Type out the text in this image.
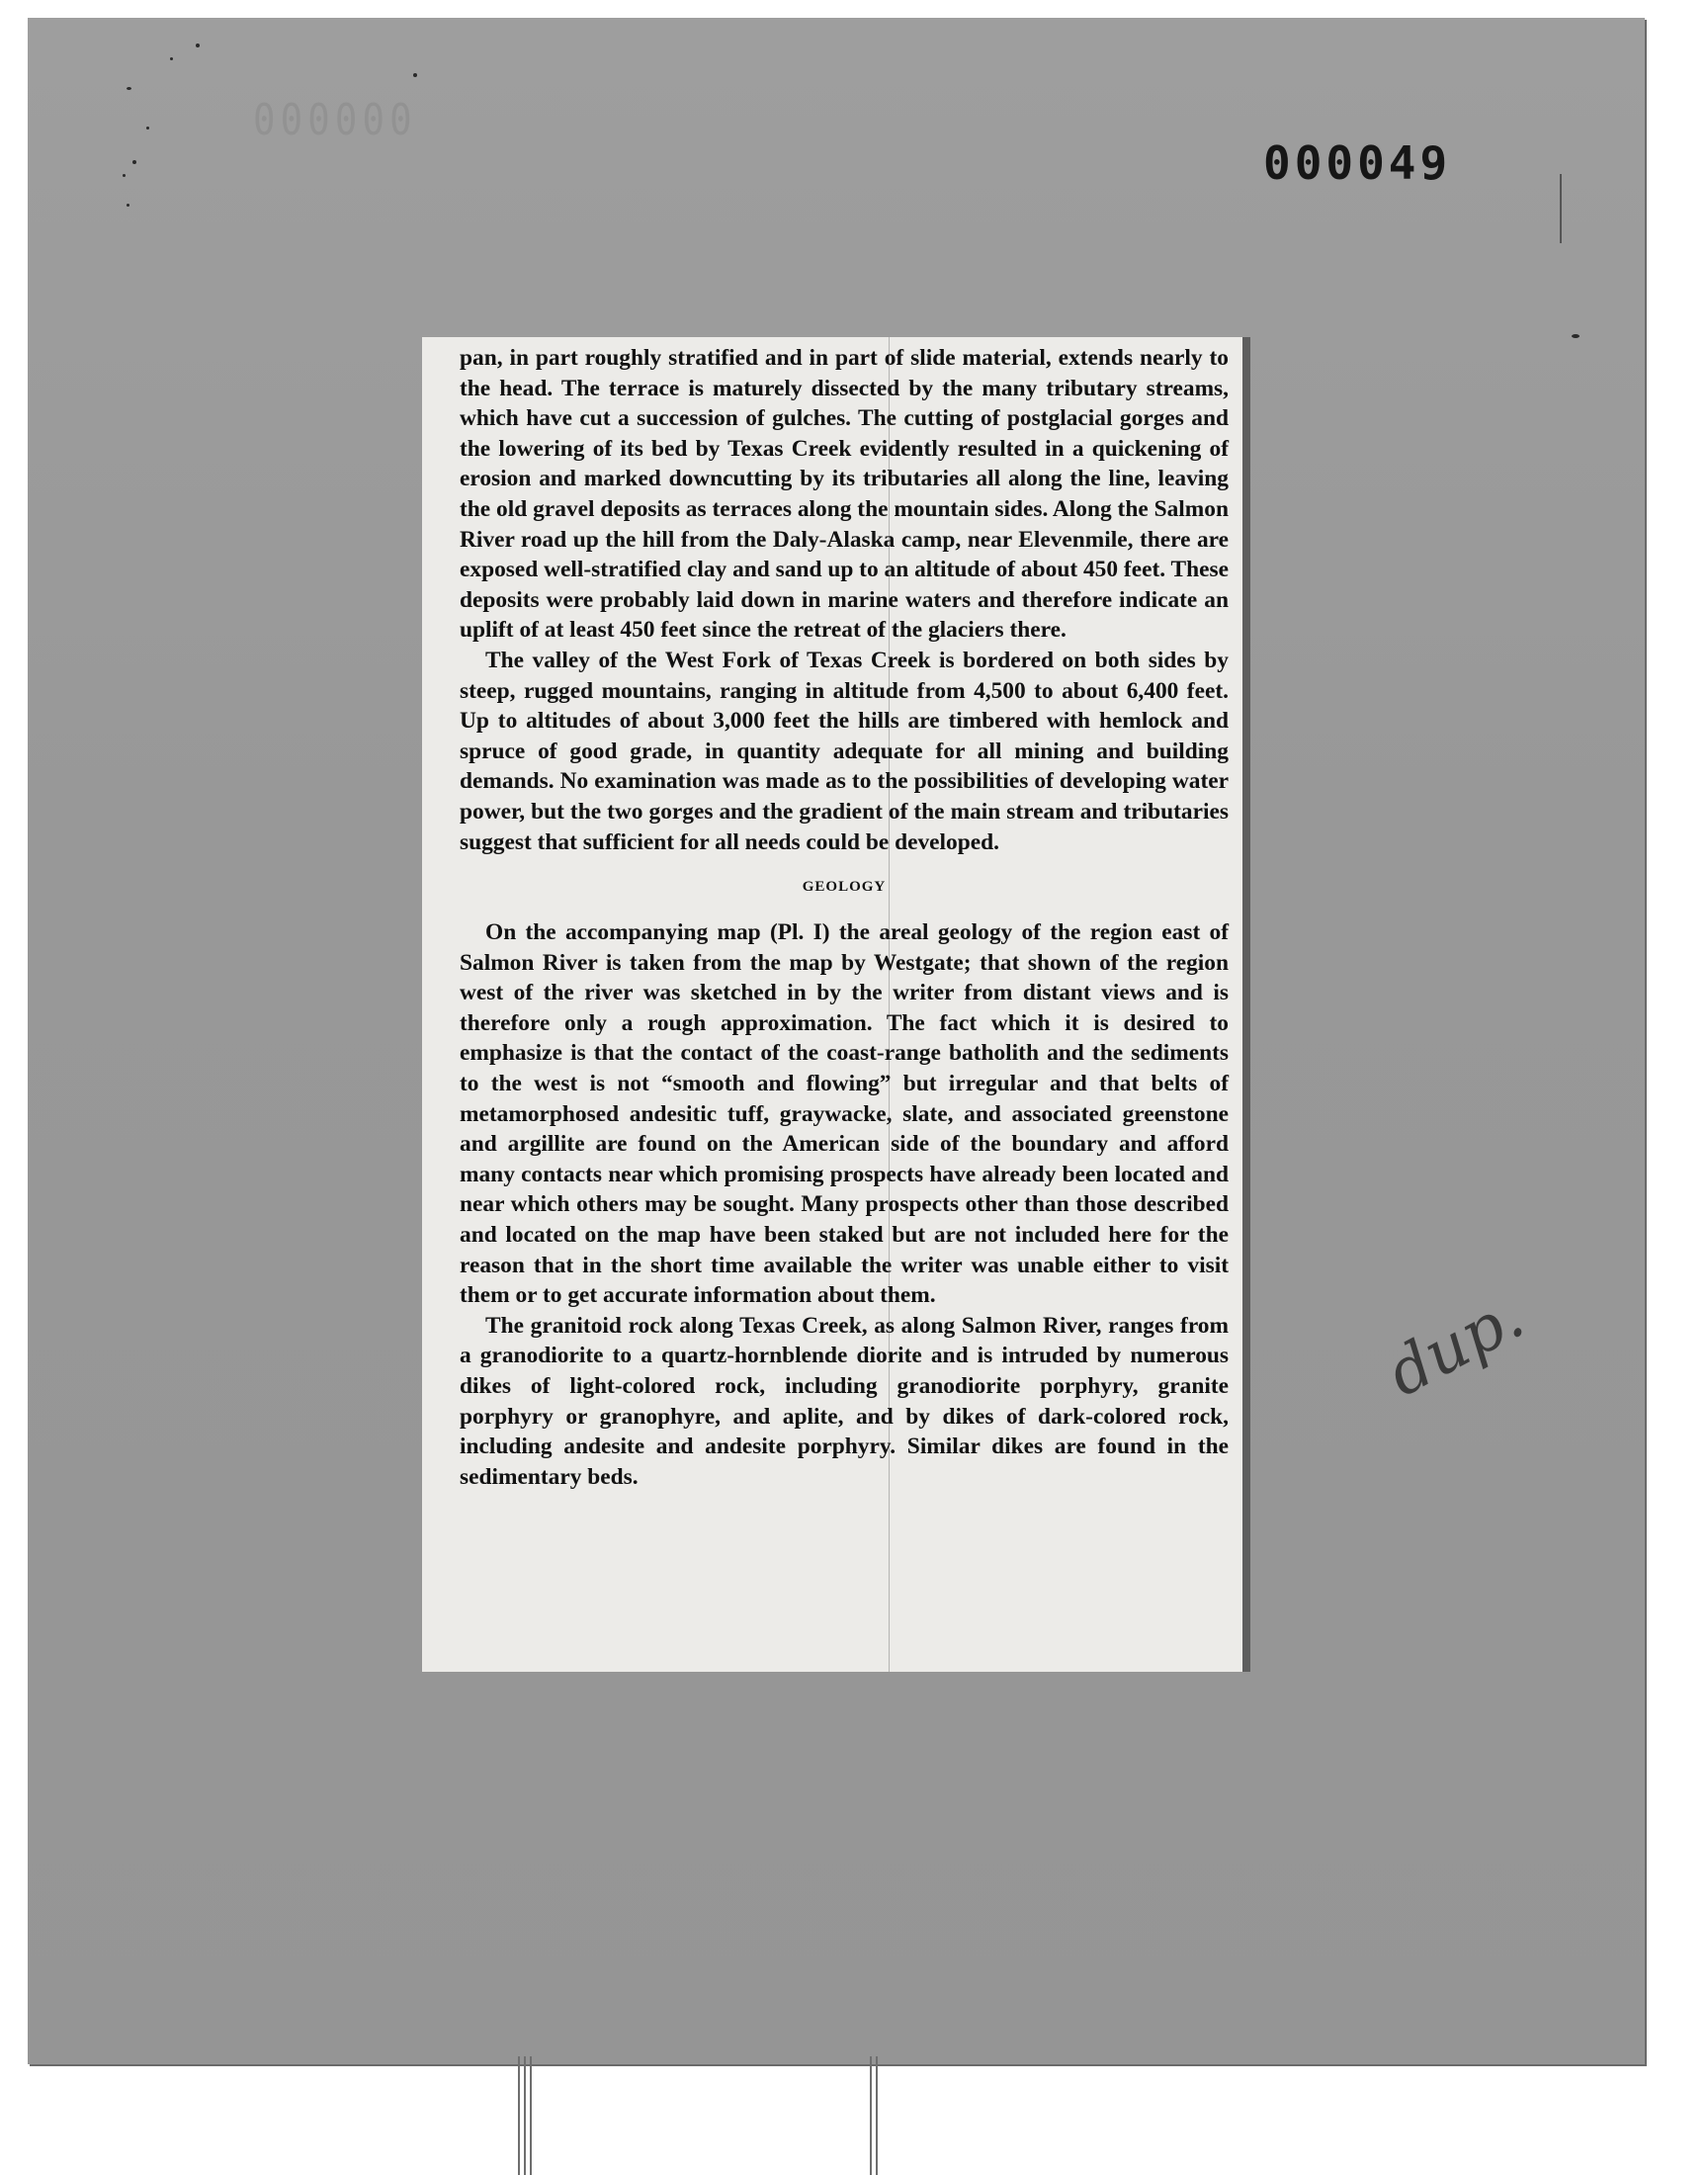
000000
000049

pan, in part roughly stratified and in part of slide material, extends nearly to the head. The terrace is maturely dissected by the many tributary streams, which have cut a succession of gulches. The cutting of postglacial gorges and the lowering of its bed by Texas Creek evidently resulted in a quickening of erosion and marked downcutting by its tributaries all along the line, leaving the old gravel deposits as terraces along the mountain sides. Along the Salmon River road up the hill from the Daly-Alaska camp, near Elevenmile, there are exposed well-stratified clay and sand up to an altitude of about 450 feet. These deposits were probably laid down in marine waters and therefore indicate an uplift of at least 450 feet since the retreat of the glaciers there.

The valley of the West Fork of Texas Creek is bordered on both sides by steep, rugged mountains, ranging in altitude from 4,500 to about 6,400 feet. Up to altitudes of about 3,000 feet the hills are timbered with hemlock and spruce of good grade, in quantity adequate for all mining and building demands. No examination was made as to the possibilities of developing water power, but the two gorges and the gradient of the main stream and tributaries suggest that sufficient for all needs could be developed.

GEOLOGY

On the accompanying map (Pl. I) the areal geology of the region east of Salmon River is taken from the map by Westgate; that shown of the region west of the river was sketched in by the writer from distant views and is therefore only a rough approximation. The fact which it is desired to emphasize is that the contact of the coast-range batholith and the sediments to the west is not “smooth and flowing” but irregular and that belts of metamorphosed andesitic tuff, graywacke, slate, and associated greenstone and argillite are found on the American side of the boundary and afford many contacts near which promising prospects have already been located and near which others may be sought. Many prospects other than those described and located on the map have been staked but are not included here for the reason that in the short time available the writer was unable either to visit them or to get accurate information about them.

The granitoid rock along Texas Creek, as along Salmon River, ranges from a granodiorite to a quartz-hornblende diorite and is intruded by numerous dikes of light-colored rock, including granodiorite porphyry, granite porphyry or granophyre, and aplite, and by dikes of dark-colored rock, including andesite and andesite porphyry. Similar dikes are found in the sedimentary beds.

dup.
